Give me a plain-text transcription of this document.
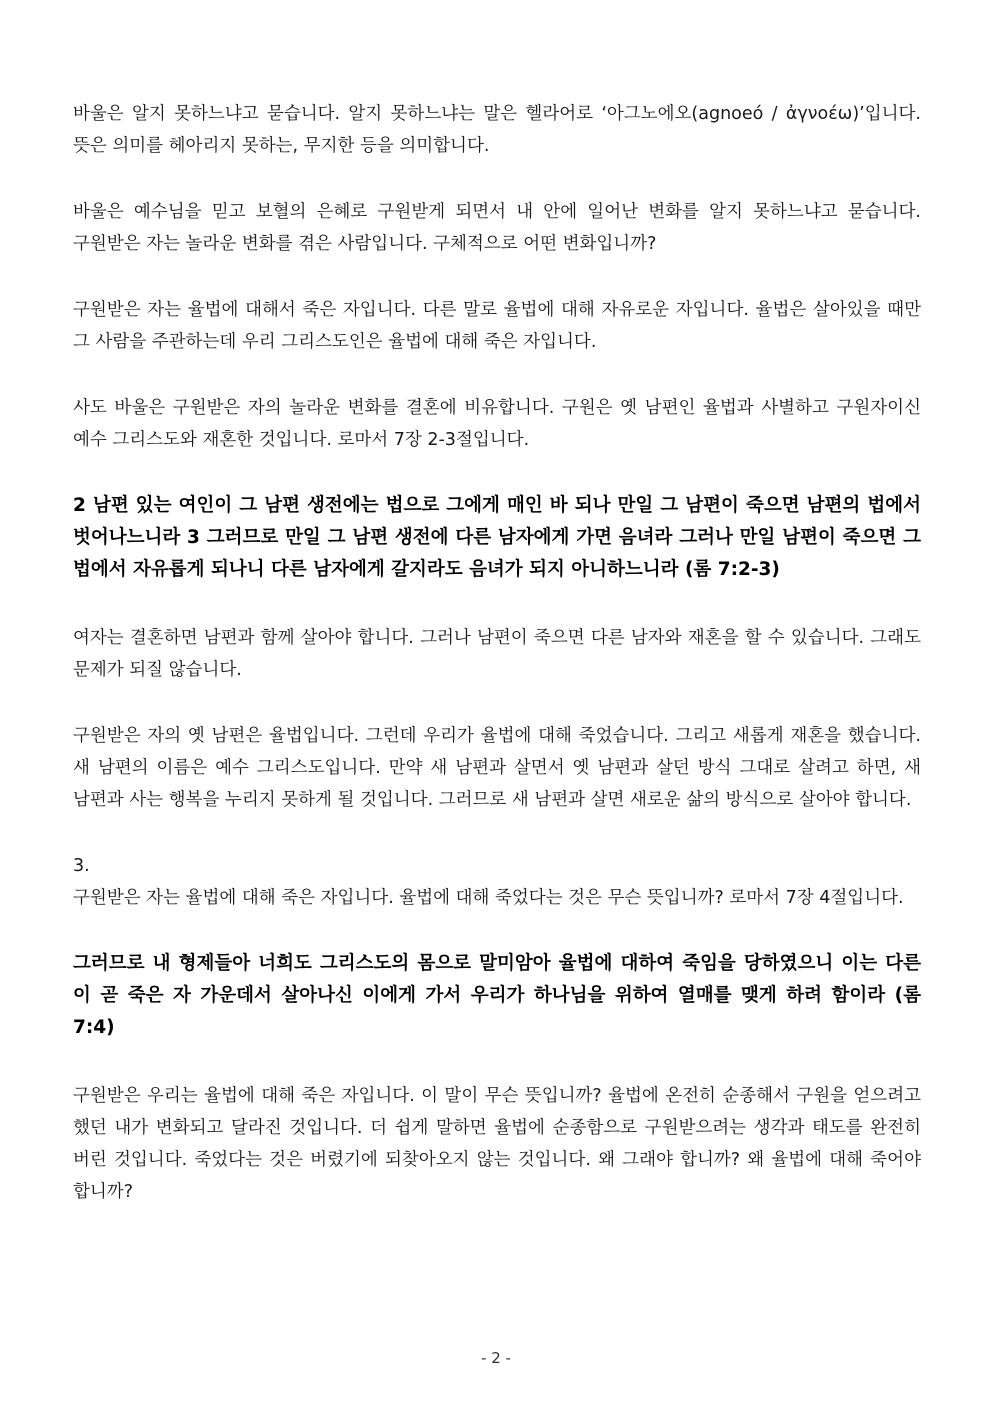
바울은 알지 못하느냐고 묻습니다. 알지 못하느냐는 말은 헬라어로 ‘아그노에오(agnoeó / ἀγνοέω)’입니다. 뜻은 의미를 헤아리지 못하는, 무지한 등을 의미합니다.

바울은 예수님을 믿고 보혈의 은혜로 구원받게 되면서 내 안에 일어난 변화를 알지 못하느냐고 묻습니다. 구원받은 자는 놀라운 변화를 겪은 사람입니다. 구체적으로 어떤 변화입니까?

구원받은 자는 율법에 대해서 죽은 자입니다. 다른 말로 율법에 대해 자유로운 자입니다. 율법은 살아있을 때만 그 사람을 주관하는데 우리 그리스도인은 율법에 대해 죽은 자입니다.

사도 바울은 구원받은 자의 놀라운 변화를 결혼에 비유합니다. 구원은 옛 남편인 율법과 사별하고 구원자이신 예수 그리스도와 재혼한 것입니다. 로마서 7장 2-3절입니다.

2 남편 있는 여인이 그 남편 생전에는 법으로 그에게 매인 바 되나 만일 그 남편이 죽으면 남편의 법에서 벗어나느니라 3 그러므로 만일 그 남편 생전에 다른 남자에게 가면 음녀라 그러나 만일 남편이 죽으면 그 법에서 자유롭게 되나니 다른 남자에게 갈지라도 음녀가 되지 아니하느니라 (롬 7:2-3)

여자는 결혼하면 남편과 함께 살아야 합니다. 그러나 남편이 죽으면 다른 남자와 재혼을 할 수 있습니다. 그래도 문제가 되질 않습니다.

구원받은 자의 옛 남편은 율법입니다. 그런데 우리가 율법에 대해 죽었습니다. 그리고 새롭게 재혼을 했습니다. 새 남편의 이름은 예수 그리스도입니다. 만약 새 남편과 살면서 옛 남편과 살던 방식 그대로 살려고 하면, 새 남편과 사는 행복을 누리지 못하게 될 것입니다. 그러므로 새 남편과 살면 새로운 삶의 방식으로 살아야 합니다.

3.
구원받은 자는 율법에 대해 죽은 자입니다. 율법에 대해 죽었다는 것은 무슨 뜻입니까? 로마서 7장 4절입니다.

그러므로 내 형제들아 너희도 그리스도의 몸으로 말미암아 율법에 대하여 죽임을 당하였으니 이는 다른 이 곧 죽은 자 가운데서 살아나신 이에게 가서 우리가 하나님을 위하여 열매를 맺게 하려 함이라 (롬 7:4)

구원받은 우리는 율법에 대해 죽은 자입니다. 이 말이 무슨 뜻입니까? 율법에 온전히 순종해서 구원을 얻으려고 했던 내가 변화되고 달라진 것입니다. 더 쉽게 말하면 율법에 순종함으로 구원받으려는 생각과 태도를 완전히 버린 것입니다. 죽었다는 것은 버렸기에 되찾아오지 않는 것입니다. 왜 그래야 합니까? 왜 율법에 대해 죽어야 합니까?

- 2 -
